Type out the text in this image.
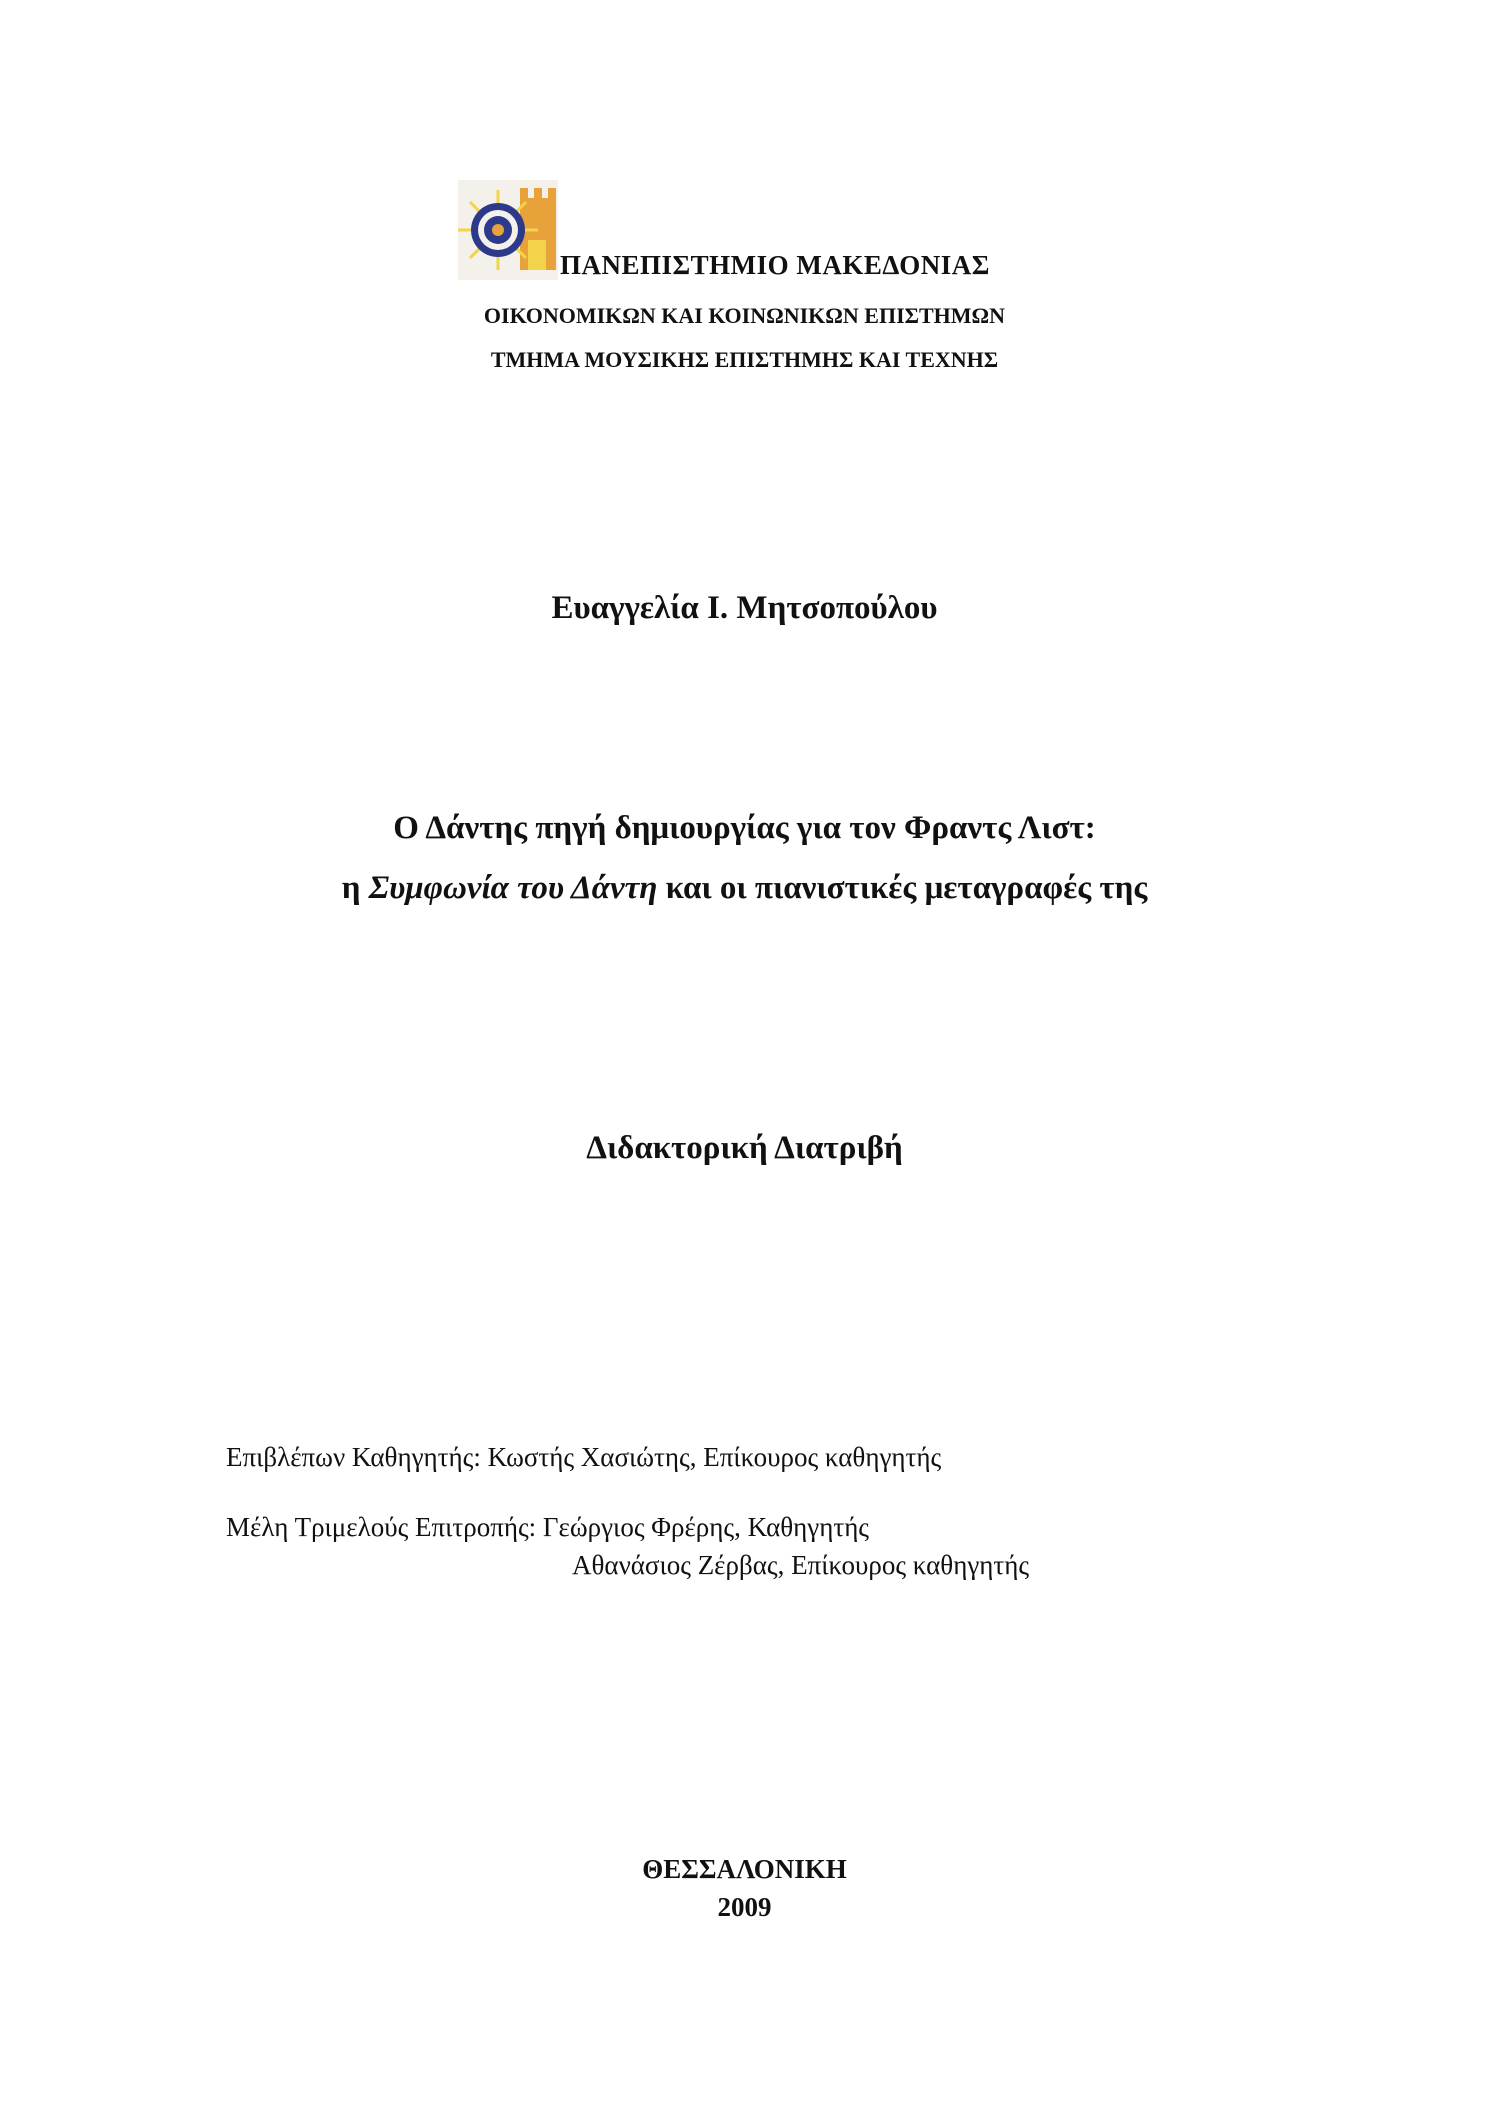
ΠΑΝΕΠΙΣΤΗΜΙΟ ΜΑΚΕΔΟΝΙΑΣ
ΟΙΚΟΝΟΜΙΚΩΝ ΚΑΙ ΚΟΙΝΩΝΙΚΩΝ ΕΠΙΣΤΗΜΩΝ
ΤΜΗΜΑ ΜΟΥΣΙΚΗΣ ΕΠΙΣΤΗΜΗΣ ΚΑΙ ΤΕΧΝΗΣ
Ευαγγελία Ι. Μητσοπούλου
Ο Δάντης πηγή δημιουργίας για τον Φραντς Λιστ:
η Συμφωνία του Δάντη και οι πιανιστικές μεταγραφές της
Διδακτορική Διατριβή
Επιβλέπων Καθηγητής: Κωστής Χασιώτης, Επίκουρος καθηγητής
Μέλη Τριμελούς Επιτροπής: Γεώργιος Φρέρης, Καθηγητής
Αθανάσιος Ζέρβας, Επίκουρος καθηγητής
ΘΕΣΣΑΛΟΝΙΚΗ
2009
